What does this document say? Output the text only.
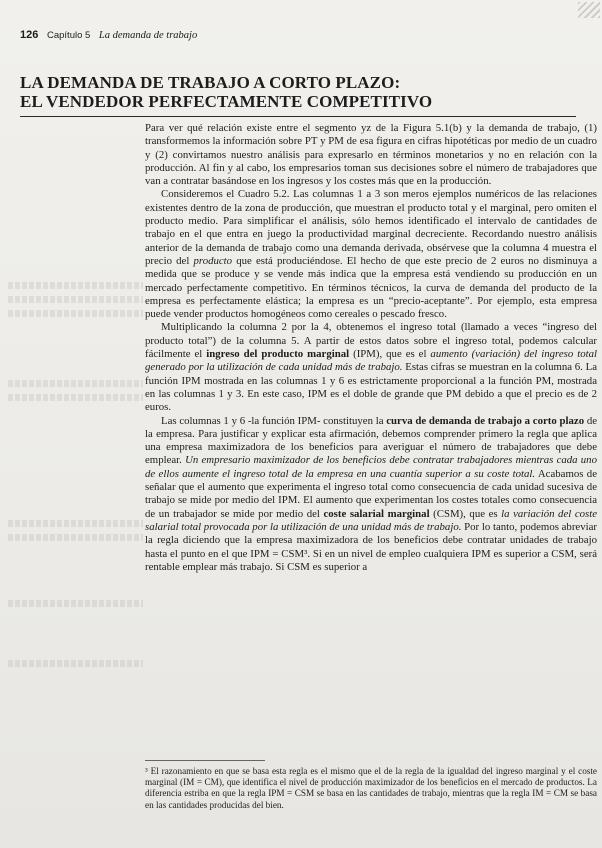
126 Capítulo 5 La demanda de trabajo
LA DEMANDA DE TRABAJO A CORTO PLAZO:
EL VENDEDOR PERFECTAMENTE COMPETITIVO

Para ver qué relación existe entre el segmento yz de la Figura 5.1(b) y la demanda de trabajo, (1) transformemos la información sobre PT y PM de esa figura en cifras hipotéticas por medio de un cuadro y (2) convirtamos nuestro análisis para expresarlo en términos monetarios y no en relación con la producción. Al fin y al cabo, los empresarios toman sus decisiones sobre el número de trabajadores que van a contratar basándose en los ingresos y los costes más que en la producción.

Consideremos el Cuadro 5.2. Las columnas 1 a 3 son meros ejemplos numéricos de las relaciones existentes dentro de la zona de producción, que muestran el producto total y el marginal, pero omiten el producto medio. Para simplificar el análisis, sólo hemos identificado el intervalo de cantidades de trabajo en el que entra en juego la productividad marginal decreciente. Recordando nuestro análisis anterior de la demanda de trabajo como una demanda derivada, obsérvese que la columna 4 muestra el precio del producto que está produciéndose. El hecho de que este precio de 2 euros no disminuya a medida que se produce y se vende más indica que la empresa está vendiendo su producción en un mercado perfectamente competitivo. En términos técnicos, la curva de demanda del producto de la empresa es perfectamente elástica; la empresa es un “precio-aceptante”. Por ejemplo, esta empresa puede vender productos homogéneos como cereales o pescado fresco.

Multiplicando la columna 2 por la 4, obtenemos el ingreso total (llamado a veces “ingreso del producto total”) de la columna 5. A partir de estos datos sobre el ingreso total, podemos calcular fácilmente el ingreso del producto marginal (IPM), que es el aumento (variación) del ingreso total generado por la utilización de cada unidad más de trabajo. Estas cifras se muestran en la columna 6. La función IPM mostrada en las columnas 1 y 6 es estrictamente proporcional a la función PM, mostrada en las columnas 1 y 3. En este caso, IPM es el doble de grande que PM debido a que el precio es de 2 euros.

Las columnas 1 y 6 -la función IPM- constituyen la curva de demanda de trabajo a corto plazo de la empresa. Para justificar y explicar esta afirmación, debemos comprender primero la regla que aplica una empresa maximizadora de los beneficios para averiguar el número de trabajadores que debe emplear. Un empresario maximizador de los beneficios debe contratar trabajadores mientras cada uno de ellos aumente el ingreso total de la empresa en una cuantía superior a su coste total. Acabamos de señalar que el aumento que experimenta el ingreso total como consecuencia de cada unidad sucesiva de trabajo se mide por medio del IPM. El aumento que experimentan los costes totales como consecuencia de un trabajador se mide por medio del coste salarial marginal (CSM), que es la variación del coste salarial total provocada por la utilización de una unidad más de trabajo. Por lo tanto, podemos abreviar la regla diciendo que la empresa maximizadora de los beneficios debe contratar unidades de trabajo hasta el punto en el que IPM = CSM³. Si en un nivel de empleo cualquiera IPM es superior a CSM, será rentable emplear más trabajo. Si CSM es superior a

³ El razonamiento en que se basa esta regla es el mismo que el de la regla de la igualdad del ingreso marginal y el coste marginal (IM = CM), que identifica el nivel de producción maximizador de los beneficios en el mercado de productos. La diferencia estriba en que la regla IPM = CSM se basa en las cantidades de trabajo, mientras que la regla IM = CM se basa en las cantidades producidas del bien.
